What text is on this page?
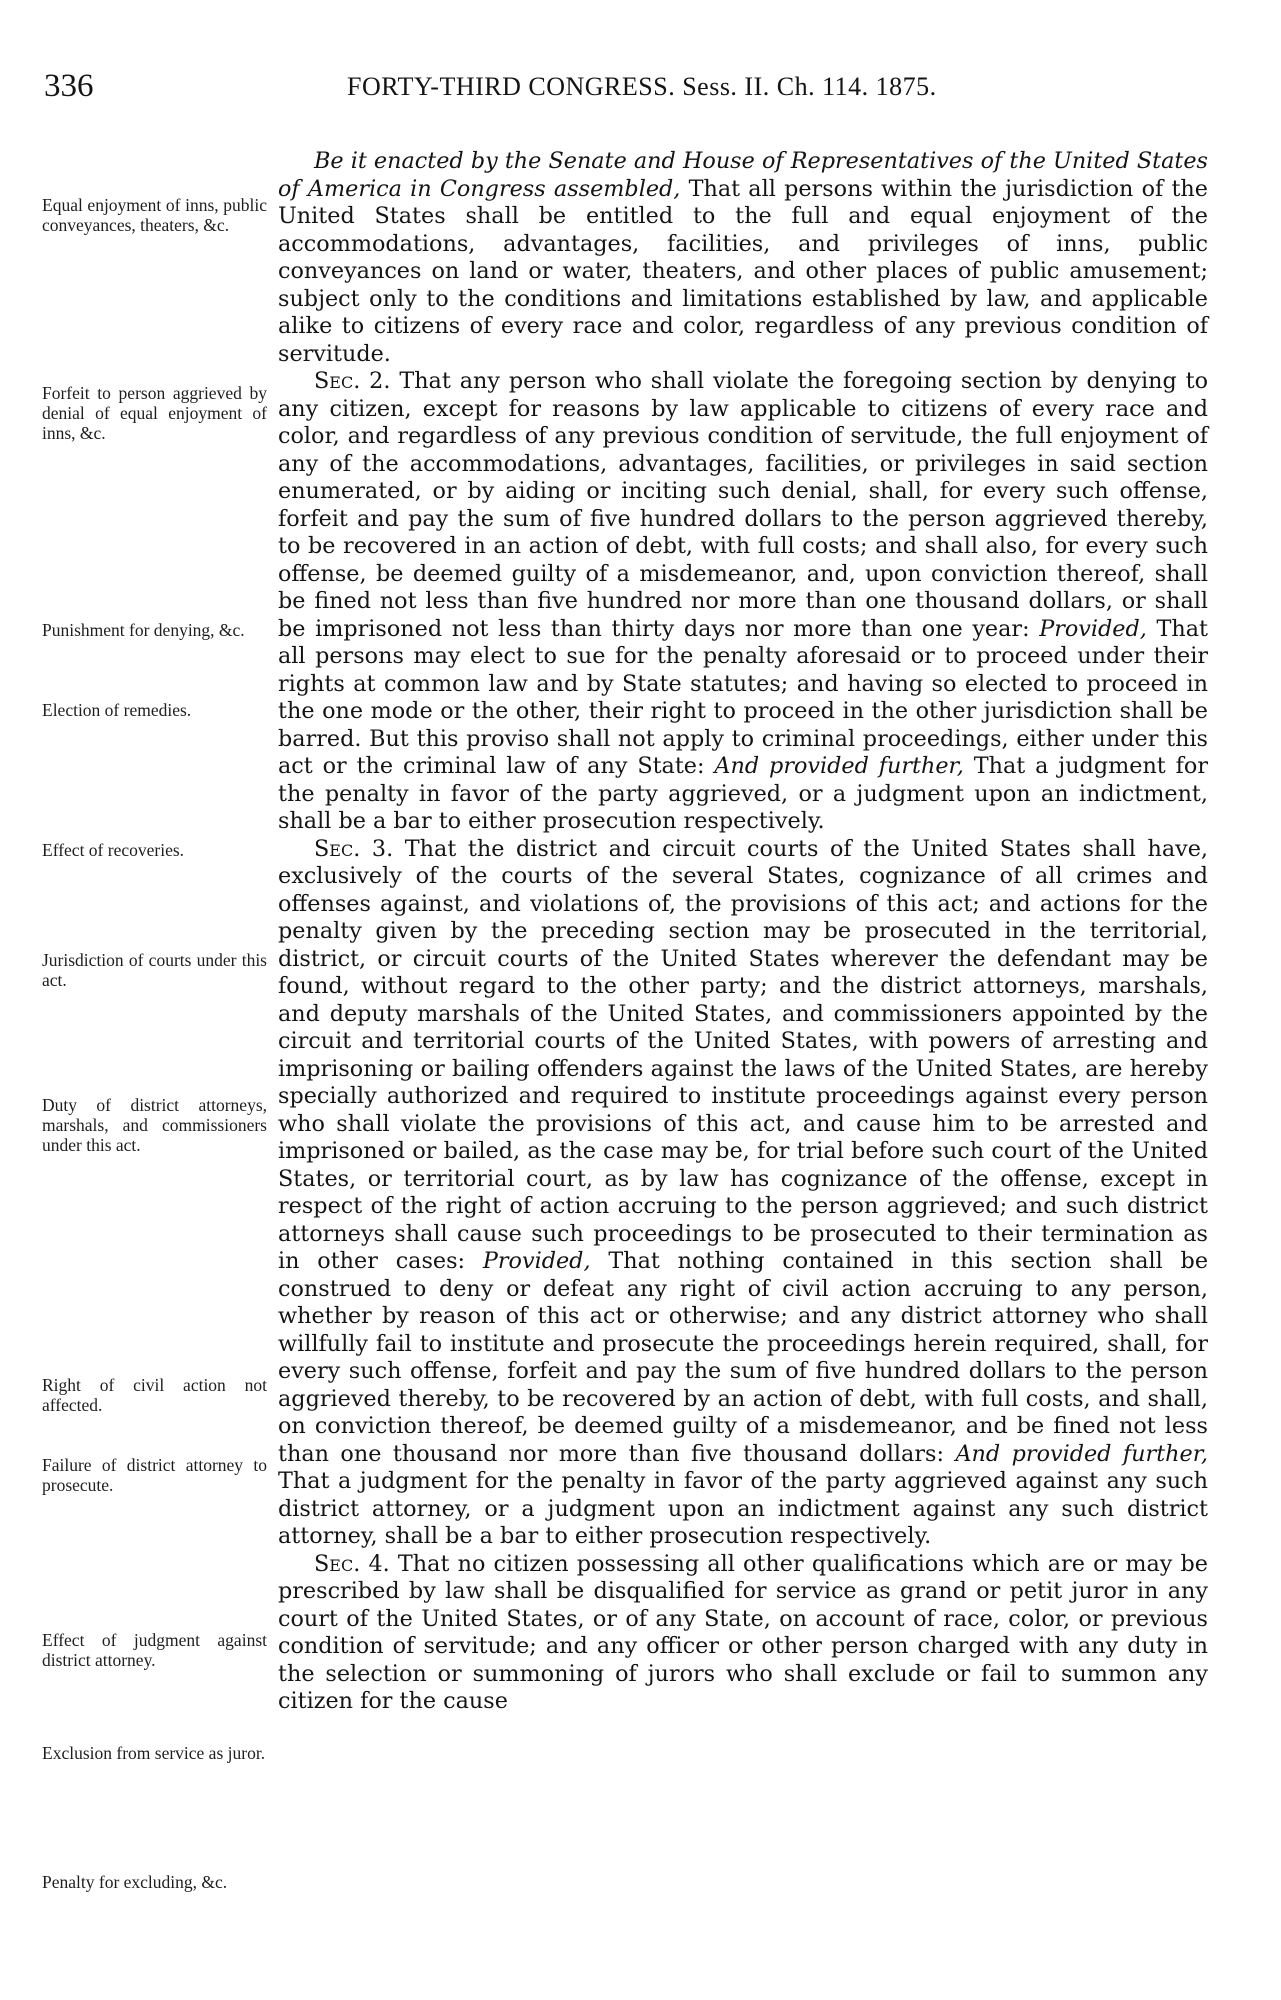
336	FORTY-THIRD CONGRESS. Sess. II. Ch. 114. 1875.
Equal enjoyment of inns, public conveyances, theaters, &c.
Forfeit to person aggrieved by denial of equal enjoyment of inns, &c.
Punishment for denying, &c.
Election of remedies.
Effect of recoveries.
Jurisdiction of courts under this act.
Duty of district attorneys, marshals, and commissioners under this act.
Right of civil action not affected.
Failure of district attorney to prosecute.
Effect of judgment against district attorney.
Exclusion from service as juror.
Penalty for excluding, &c.

Be it enacted by the Senate and House of Representatives of the United States of America in Congress assembled, That all persons within the jurisdiction of the United States shall be entitled to the full and equal enjoyment of the accommodations, advantages, facilities, and privileges of inns, public conveyances on land or water, theaters, and other places of public amusement; subject only to the conditions and limitations established by law, and applicable alike to citizens of every race and color, regardless of any previous condition of servitude.

Sec. 2. That any person who shall violate the foregoing section by denying to any citizen, except for reasons by law applicable to citizens of every race and color, and regardless of any previous condition of servitude, the full enjoyment of any of the accommodations, advantages, facilities, or privileges in said section enumerated, or by aiding or inciting such denial, shall, for every such offense, forfeit and pay the sum of five hundred dollars to the person aggrieved thereby, to be recovered in an action of debt, with full costs; and shall also, for every such offense, be deemed guilty of a misdemeanor, and, upon conviction thereof, shall be fined not less than five hundred nor more than one thousand dollars, or shall be imprisoned not less than thirty days nor more than one year: Provided, That all persons may elect to sue for the penalty aforesaid or to proceed under their rights at common law and by State statutes; and having so elected to proceed in the one mode or the other, their right to proceed in the other jurisdiction shall be barred. But this proviso shall not apply to criminal proceedings, either under this act or the criminal law of any State: And provided further, That a judgment for the penalty in favor of the party aggrieved, or a judgment upon an indictment, shall be a bar to either prosecution respectively.

Sec. 3. That the district and circuit courts of the United States shall have, exclusively of the courts of the several States, cognizance of all crimes and offenses against, and violations of, the provisions of this act; and actions for the penalty given by the preceding section may be prosecuted in the territorial, district, or circuit courts of the United States wherever the defendant may be found, without regard to the other party; and the district attorneys, marshals, and deputy marshals of the United States, and commissioners appointed by the circuit and territorial courts of the United States, with powers of arresting and imprisoning or bailing offenders against the laws of the United States, are hereby specially authorized and required to institute proceedings against every person who shall violate the provisions of this act, and cause him to be arrested and imprisoned or bailed, as the case may be, for trial before such court of the United States, or territorial court, as by law has cognizance of the offense, except in respect of the right of action accruing to the person aggrieved; and such district attorneys shall cause such proceedings to be prosecuted to their termination as in other cases: Provided, That nothing contained in this section shall be construed to deny or defeat any right of civil action accruing to any person, whether by reason of this act or otherwise; and any district attorney who shall willfully fail to institute and prosecute the proceedings herein required, shall, for every such offense, forfeit and pay the sum of five hundred dollars to the person aggrieved thereby, to be recovered by an action of debt, with full costs, and shall, on conviction thereof, be deemed guilty of a misdemeanor, and be fined not less than one thousand nor more than five thousand dollars: And provided further, That a judgment for the penalty in favor of the party aggrieved against any such district attorney, or a judgment upon an indictment against any such district attorney, shall be a bar to either prosecution respectively.

Sec. 4. That no citizen possessing all other qualifications which are or may be prescribed by law shall be disqualified for service as grand or petit juror in any court of the United States, or of any State, on account of race, color, or previous condition of servitude; and any officer or other person charged with any duty in the selection or summoning of jurors who shall exclude or fail to summon any citizen for the cause
